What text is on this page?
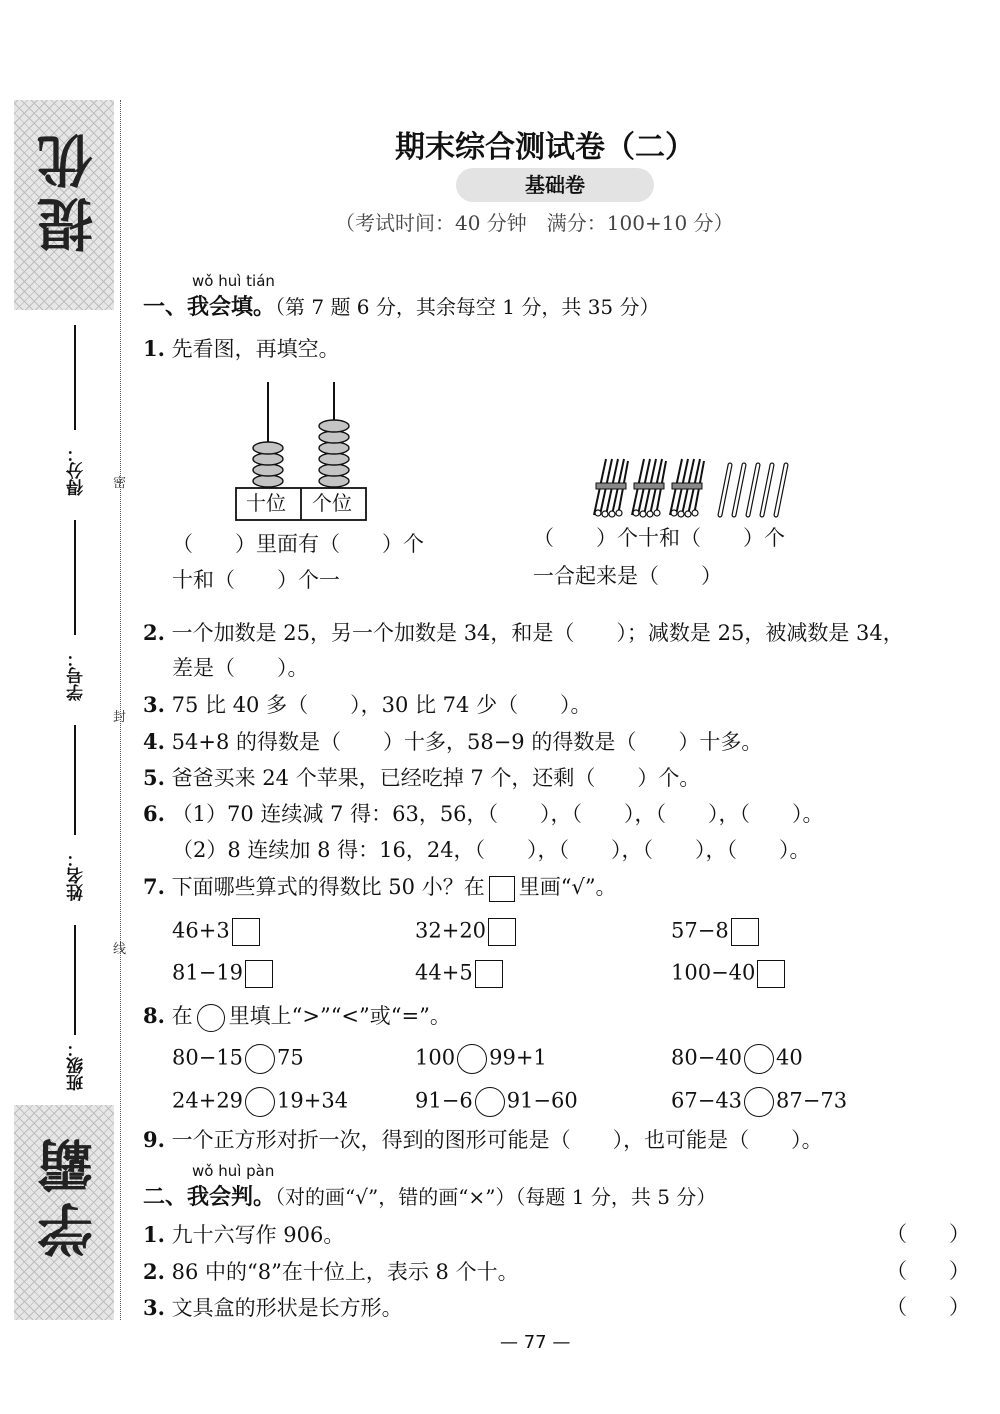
提优
学霸
得分：
学号：
姓名：
班级：
密
封
线
期末综合测试卷（二）
基础卷
（考试时间：40 分钟　满分：100+10 分）
wǒ huì tián
一、我会填。（第 7 题 6 分，其余每空 1 分，共 35 分）
1. 先看图，再填空。
十位 个位
（　　）里面有（　　）个
十和（　　）个一
（　　）个十和（　　）个
一合起来是（　　）
2. 一个加数是 25，另一个加数是 34，和是（　　）；减数是 25，被减数是 34，
差是（　　）。
3. 75 比 40 多（　　），30 比 74 少（　　）。
4. 54+8 的得数是（　　）十多，58−9 的得数是（　　）十多。
5. 爸爸买来 24 个苹果，已经吃掉 7 个，还剩（　　）个。
6. （1）70 连续减 7 得：63，56，（　　），（　　），（　　），（　　）。
（2）8 连续加 8 得：16，24，（　　），（　　），（　　），（　　）。
7. 下面哪些算式的得数比 50 小？在 里画“√”。
46+3	32+20	57−8
81−19	44+5	100−40
8. 在 里填上“>”“<”或“=”。
80−15 75	100 99+1	80−40 40
24+29 19+34	91−6 91−60	67−43 87−73
9. 一个正方形对折一次，得到的图形可能是（　　），也可能是（　　）。
wǒ huì pàn
二、我会判。（对的画“√”，错的画“×”）（每题 1 分，共 5 分）
1. 九十六写作 906。	（　　）
2. 86 中的“8”在十位上，表示 8 个十。	（　　）
3. 文具盒的形状是长方形。	（　　）
— 77 —
